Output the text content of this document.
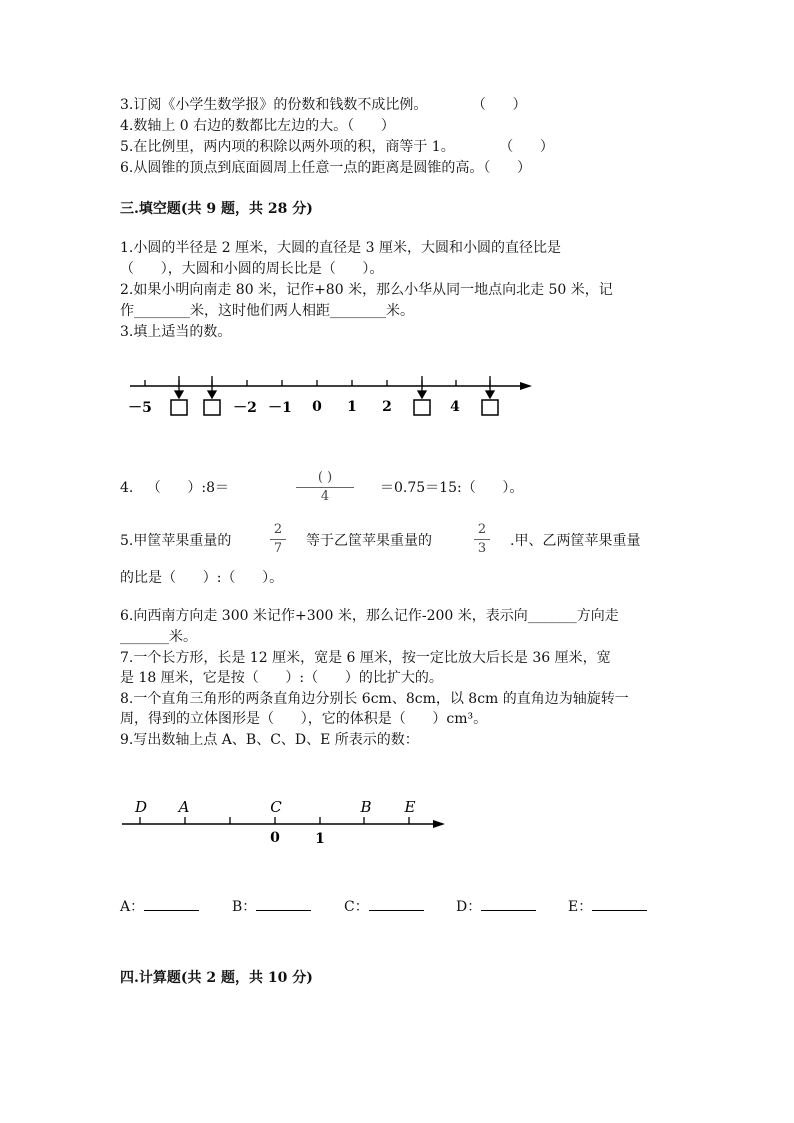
3.订阅《小学生数学报》的份数和钱数不成比例。          （      ）
4.数轴上 0 右边的数都比左边的大。（      ）
5.在比例里，两内项的积除以两外项的积，商等于 1。          （      ）
6.从圆锥的顶点到底面圆周上任意一点的距离是圆锥的高。（      ）
三.填空题(共 9 题，共 28 分)
1.小圆的半径是 2 厘米，大圆的直径是 3 厘米，大圆和小圆的直径比是
（      ），大圆和小圆的周长比是（      ）。
2.如果小明向南走 80 米，记作+80 米，那么小华从同一地点向北走 50 米，记
作________米，这时他们两人相距________米。
3.填上适当的数。
－5	－2 －1 0 1 2	4
4.   （      ）:8＝
( )
4
＝0.75＝15:（      ）。
5.甲筐苹果重量的
2
7 等于乙筐苹果重量的
2
3 .甲、乙两筐苹果重量
的比是（      ）:（      ）。
6.向西南方向走 300 米记作+300 米，那么记作-200 米，表示向_______方向走
_______米。
7.一个长方形，长是 12 厘米，宽是 6 厘米，按一定比放大后长是 36 厘米，宽
是 18 厘米，它是按（      ）:（      ）的比扩大的。
8.一个直角三角形的两条直角边分别长 6cm、8cm，以 8cm 的直角边为轴旋转一
周，得到的立体图形是（      ），它的体积是（      ）cm³。
9.写出数轴上点 A、B、C、D、E 所表示的数：
D A	C	B E
0	1
A：	B：	C：	D：	E：
四.计算题(共 2 题，共 10 分)
